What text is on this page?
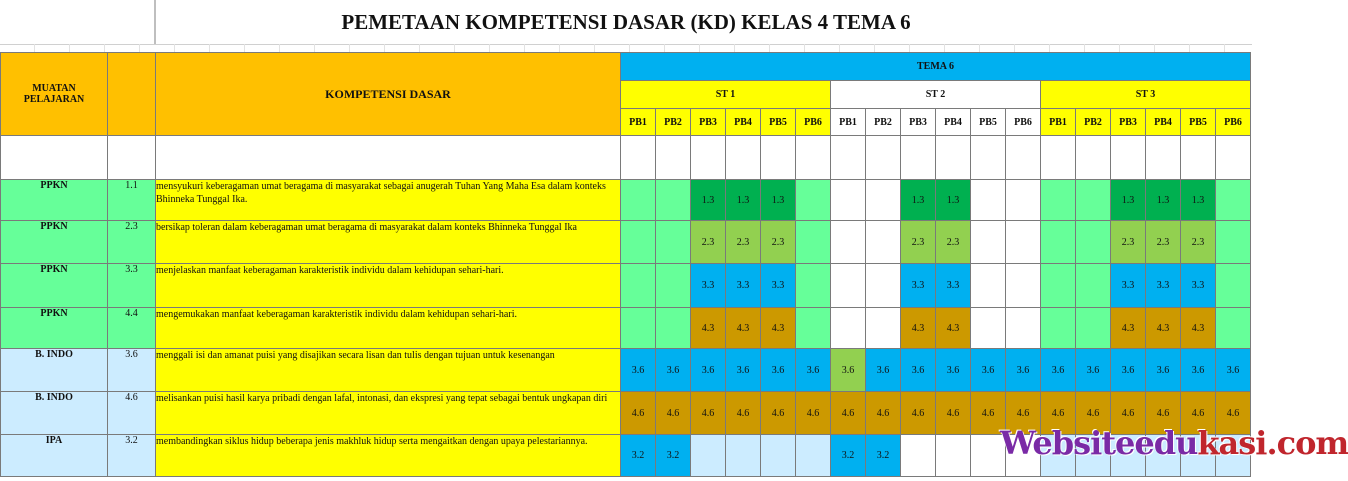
PEMETAAN KOMPETENSI DASAR (KD) KELAS 4 TEMA 6
MUATAN PELAJARAN		KOMPETENSI DASAR	TEMA 6																	
			ST 1						ST 2						ST 3					
			PB1	PB2	PB3	PB4	PB5	PB6	PB1	PB2	PB3	PB4	PB5	PB6	PB1	PB2	PB3	PB4	PB5	PB6

PPKN	1.1	mensyukuri keberagaman umat beragama di masyarakat sebagai anugerah Tuhan Yang Maha Esa dalam konteks Bhinneka Tunggal Ika.			1.3	1.3	1.3				1.3	1.3					1.3	1.3	1.3	
PPKN	2.3	bersikap toleran dalam keberagaman umat beragama di masyarakat dalam konteks Bhinneka Tunggal Ika			2.3	2.3	2.3				2.3	2.3					2.3	2.3	2.3	
PPKN	3.3	menjelaskan manfaat keberagaman karakteristik individu dalam kehidupan sehari-hari.			3.3	3.3	3.3				3.3	3.3					3.3	3.3	3.3	
PPKN	4.4	mengemukakan manfaat keberagaman karakteristik individu dalam kehidupan sehari-hari.			4.3	4.3	4.3				4.3	4.3					4.3	4.3	4.3	
B. INDO	3.6	menggali isi dan amanat puisi yang disajikan secara lisan dan tulis dengan tujuan untuk kesenangan	3.6	3.6	3.6	3.6	3.6	3.6	3.6	3.6	3.6	3.6	3.6	3.6	3.6	3.6	3.6	3.6	3.6	3.6
B. INDO	4.6	melisankan puisi hasil karya pribadi dengan lafal, intonasi, dan ekspresi yang tepat sebagai bentuk ungkapan diri	4.6	4.6	4.6	4.6	4.6	4.6	4.6	4.6	4.6	4.6	4.6	4.6	4.6	4.6	4.6	4.6	4.6	4.6
IPA	3.2	membandingkan siklus hidup beberapa jenis makhluk hidup serta mengaitkan dengan upaya pelestariannya.	3.2	3.2					3.2	3.2											Websiteedukasi.com
